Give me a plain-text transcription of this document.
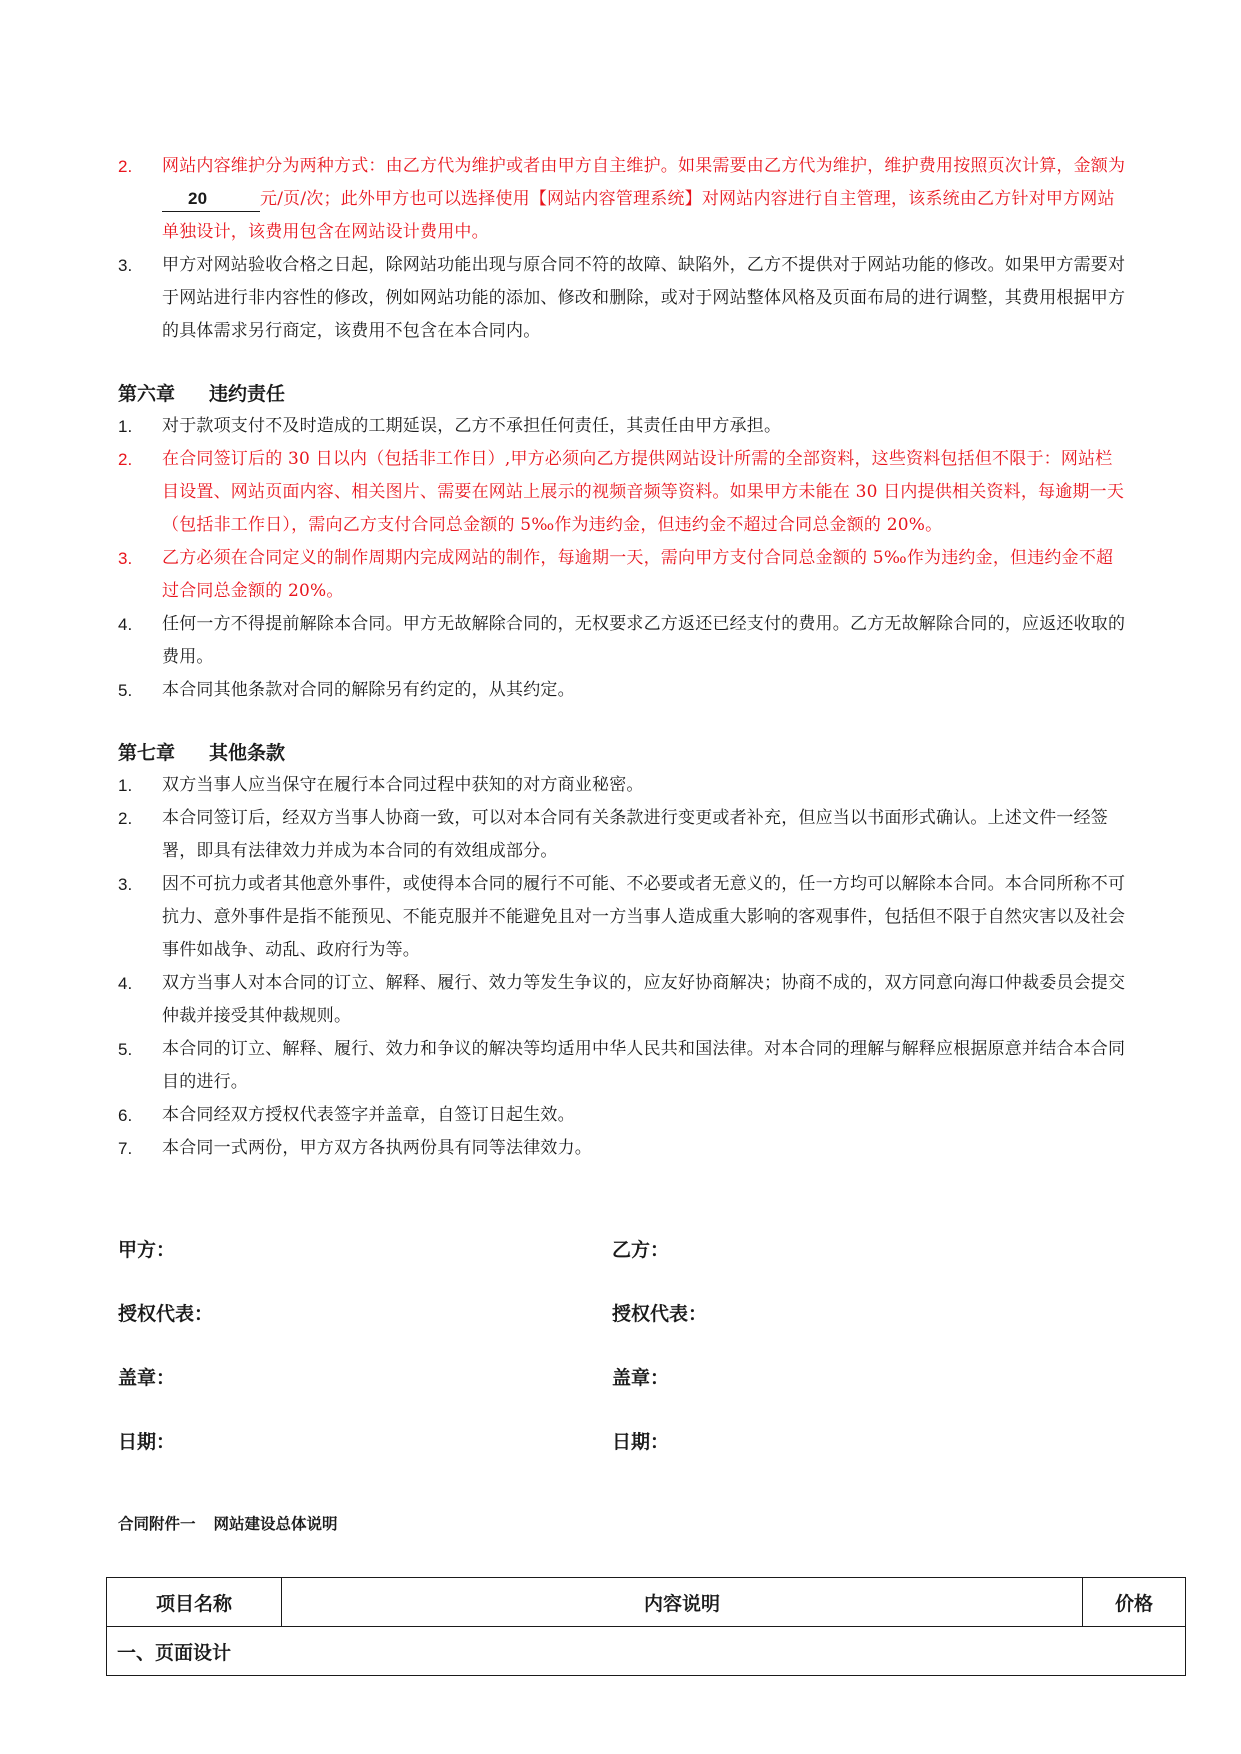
2.	网站内容维护分为两种方式：由乙方代为维护或者由甲方自主维护。如果需要由乙方代为维护，维护费用按照页次计算，金额为20	元/页/次；此外甲方也可以选择使用【网站内容管理系统】对网站内容进行自主管理，该系统由乙方针对甲方网站单独设计，该费用包含在网站设计费用中。
3.	甲方对网站验收合格之日起，除网站功能出现与原合同不符的故障、缺陷外，乙方不提供对于网站功能的修改。如果甲方需要对于网站进行非内容性的修改，例如网站功能的添加、修改和删除，或对于网站整体风格及页面布局的进行调整，其费用根据甲方的具体需求另行商定，该费用不包含在本合同内。
第六章 违约责任
1.	对于款项支付不及时造成的工期延误，乙方不承担任何责任，其责任由甲方承担。
2.	在合同签订后的 30 日以内（包括非工作日）,甲方必须向乙方提供网站设计所需的全部资料，这些资料包括但不限于：网站栏目设置、网站页面内容、相关图片、需要在网站上展示的视频音频等资料。如果甲方未能在 30 日内提供相关资料，每逾期一天（包括非工作日），需向乙方支付合同总金额的 5‰作为违约金，但违约金不超过合同总金额的 20%。
3.	乙方必须在合同定义的制作周期内完成网站的制作，每逾期一天，需向甲方支付合同总金额的 5‰作为违约金，但违约金不超过合同总金额的 20%。
4.	任何一方不得提前解除本合同。甲方无故解除合同的，无权要求乙方返还已经支付的费用。乙方无故解除合同的，应返还收取的费用。
5.	本合同其他条款对合同的解除另有约定的，从其约定。
第七章 其他条款
1.	双方当事人应当保守在履行本合同过程中获知的对方商业秘密。
2.	本合同签订后，经双方当事人协商一致，可以对本合同有关条款进行变更或者补充，但应当以书面形式确认。上述文件一经签署，即具有法律效力并成为本合同的有效组成部分。
3.	因不可抗力或者其他意外事件，或使得本合同的履行不可能、不必要或者无意义的，任一方均可以解除本合同。本合同所称不可抗力、意外事件是指不能预见、不能克服并不能避免且对一方当事人造成重大影响的客观事件，包括但不限于自然灾害以及社会事件如战争、动乱、政府行为等。
4.	双方当事人对本合同的订立、解释、履行、效力等发生争议的，应友好协商解决；协商不成的，双方同意向海口仲裁委员会提交仲裁并接受其仲裁规则。
5.	本合同的订立、解释、履行、效力和争议的解决等均适用中华人民共和国法律。对本合同的理解与解释应根据原意并结合本合同目的进行。
6.	本合同经双方授权代表签字并盖章，自签订日起生效。
7.	本合同一式两份，甲方双方各执两份具有同等法律效力。
甲方：	乙方：
授权代表：	授权代表：
盖章：	盖章：
日期：	日期：
合同附件一 网站建设总体说明
项目名称	内容说明	价格
一、页面设计
